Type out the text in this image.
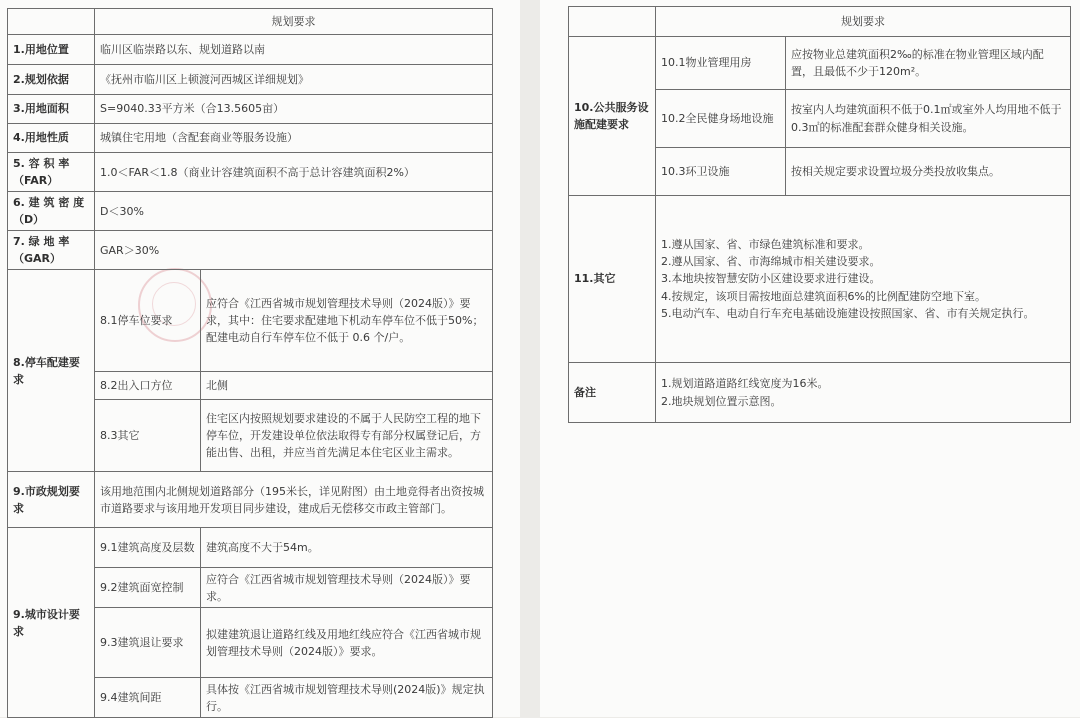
	规划要求	
1.用地位置	临川区临崇路以东、规划道路以南	
2.规划依据	《抚州市临川区上顿渡河西城区详细规划》	
3.用地面积	S=9040.33平方米（合13.5605亩）	
4.用地性质	城镇住宅用地（含配套商业等服务设施）	
5. 容 积 率（FAR）	1.0＜FAR＜1.8（商业计容建筑面积不高于总计容建筑面积2%）	
6. 建 筑 密 度（D）	D＜30%	
7. 绿 地 率（GAR）	GAR＞30%	
8.停车配建要求	8.1停车位要求	应符合《江西省城市规划管理技术导则（2024版）》要求，其中：住宅要求配建地下机动车停车位不低于50%；配建电动自行车停车位不低于 0.6 个/户。
	8.2出入口方位	北侧
	8.3其它	住宅区内按照规划要求建设的不属于人民防空工程的地下停车位，开发建设单位依法取得专有部分权属登记后，方能出售、出租，并应当首先满足本住宅区业主需求。
9.市政规划要求	该用地范围内北侧规划道路部分（195米长，详见附图）由土地竞得者出资按城市道路要求与该用地开发项目同步建设，建成后无偿移交市政主管部门。	
9.城市设计要求	9.1建筑高度及层数	建筑高度不大于54m。
	9.2建筑面宽控制	应符合《江西省城市规划管理技术导则（2024版）》要求。
	9.3建筑退让要求	拟建建筑退让道路红线及用地红线应符合《江西省城市规划管理技术导则（2024版）》要求。
	9.4建筑间距	具体按《江西省城市规划管理技术导则(2024版)》规定执行。
	规划要求	
10.公共服务设施配建要求	10.1物业管理用房	应按物业总建筑面积2‰的标准在物业管理区域内配置，且最低不少于120m²。
	10.2全民健身场地设施	按室内人均建筑面积不低于0.1㎡或室外人均用地不低于0.3㎡的标准配套群众健身相关设施。
	10.3环卫设施	按相关规定要求设置垃圾分类投放收集点。
11.其它	1.遵从国家、省、市绿色建筑标准和要求。
2.遵从国家、省、市海绵城市相关建设要求。
3.本地块按智慧安防小区建设要求进行建设。
4.按规定，该项目需按地面总建筑面积6%的比例配建防空地下室。
5.电动汽车、电动自行车充电基础设施建设按照国家、省、市有关规定执行。	

备注	1.规划道路道路红线宽度为16米。
2.地块规划位置示意图。	
